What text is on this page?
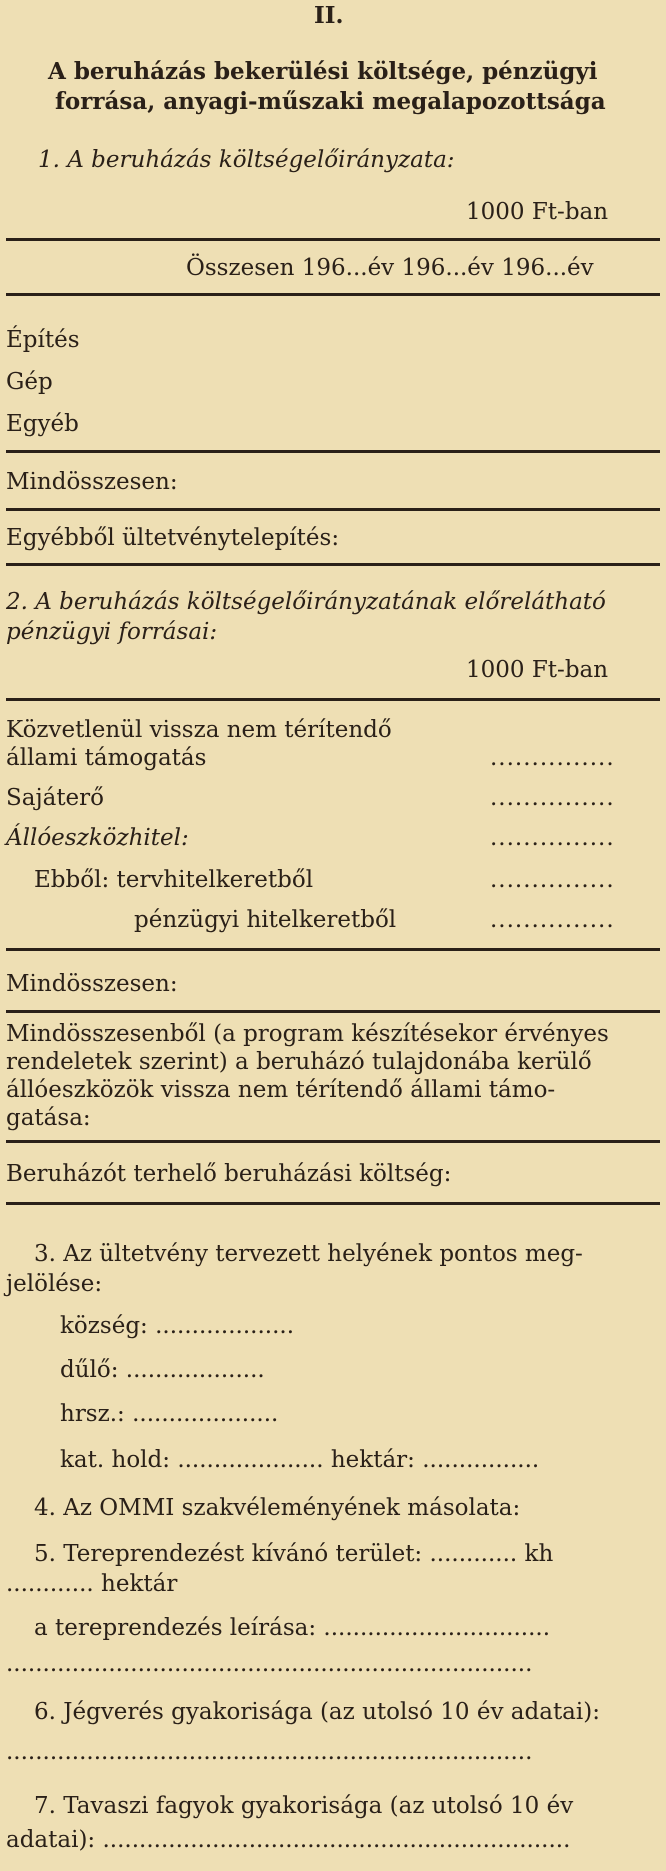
II.
A beruházás bekerülési költsége, pénzügyi
forrása, anyagi-műszaki megalapozottsága
1. A beruházás költségelőirányzata:
1000 Ft-ban
Összesen 196...év 196...év 196...év
Építés
Gép
Egyéb
Mindösszesen:
Egyébből ültetvénytelepítés:
2. A beruházás költségelőirányzatának előrelátható
pénzügyi forrásai:
1000 Ft-ban
Közvetlenül vissza nem térítendő
állami támogatás	...............
Sajáterő	...............
Állóeszközhitel:	...............
Ebből: tervhitelkeretből	...............
pénzügyi hitelkeretből	...............
Mindösszesen:
Mindösszesenből (a program készítésekor érvényes
rendeletek szerint) a beruházó tulajdonába kerülő
állóeszközök vissza nem térítendő állami támo-
gatása:
Beruházót terhelő beruházási költség:
3. Az ültetvény tervezett helyének pontos meg-
jelölése:
község: ...................
dűlő: ...................
hrsz.: ....................
kat. hold: .................... hektár: ................
4. Az OMMI szakvéleményének másolata:
5. Tereprendezést kívánó terület: ............ kh
............ hektár
a tereprendezés leírása: ...............................
........................................................................
6. Jégverés gyakorisága (az utolsó 10 év adatai):
........................................................................
7. Tavaszi fagyok gyakorisága (az utolsó 10 év
adatai): ................................................................
